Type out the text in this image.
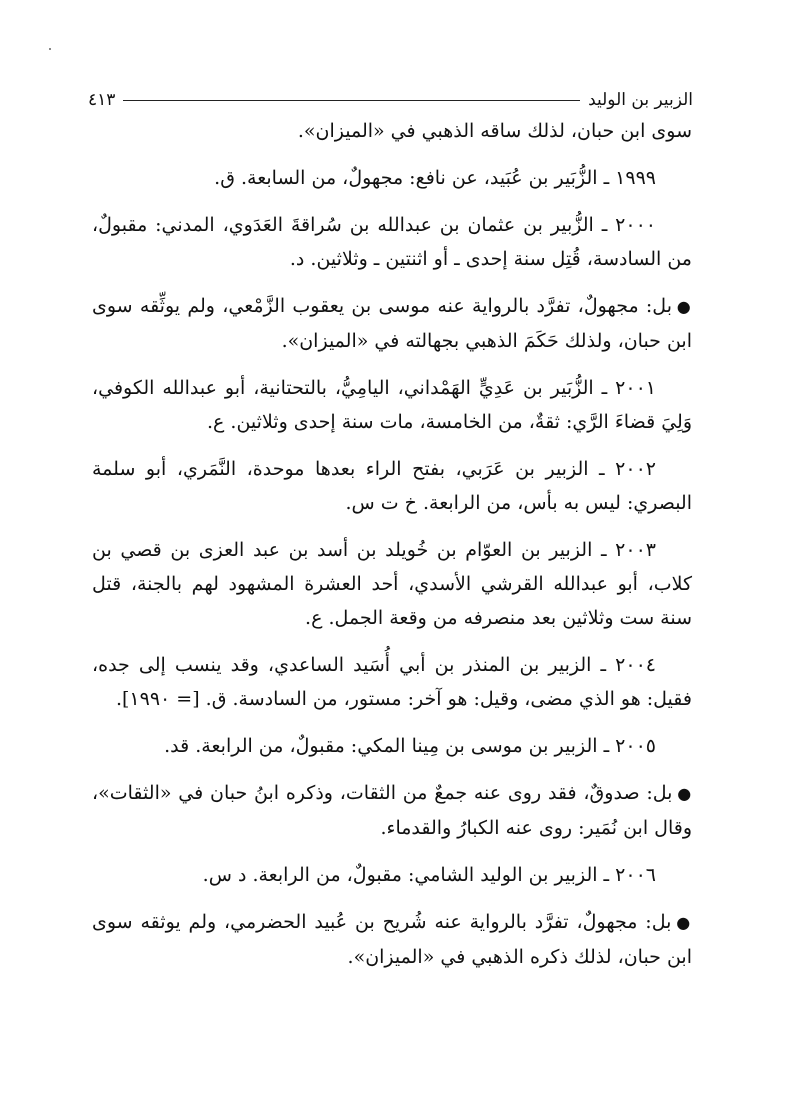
الزبير بن الوليد
٤١٣

سوى ابن حبان، لذلك ساقه الذهبي في «الميزان».

١٩٩٩ ـ الزُّبَير بن عُبَيد، عن نافع: مجهولٌ، من السابعة. ق.

٢٠٠٠ ـ الزُّبير بن عثمان بن عبدالله بن سُراقةَ العَدَوي، المدني: مقبولٌ، من السادسة، قُتِل سنة إحدى ـ أو اثنتين ـ وثلاثين. د.

●بل: مجهولٌ، تفرَّد بالرواية عنه موسى بن يعقوب الزَّمْعي، ولم يوثِّقه سوى ابن حبان، ولذلك حَكَمَ الذهبي بجهالته في «الميزان».

٢٠٠١ ـ الزُّبَير بن عَدِيٍّ الهَمْداني، اليامِيُّ، بالتحتانية، أبو عبدالله الكوفي، وَلِيَ قضاءَ الرَّي: ثقةٌ، من الخامسة، مات سنة إحدى وثلاثين. ع.

٢٠٠٢ ـ الزبير بن عَرَبي، بفتح الراء بعدها موحدة، النَّمَري، أبو سلمة البصري: ليس به بأس، من الرابعة. خ ت س.

٢٠٠٣ ـ الزبير بن العوّام بن خُويلد بن أسد بن عبد العزى بن قصي بن كلاب، أبو عبدالله القرشي الأسدي، أحد العشرة المشهود لهم بالجنة، قتل سنة ست وثلاثين بعد منصرفه من وقعة الجمل. ع.

٢٠٠٤ ـ الزبير بن المنذر بن أبي أُسَيد الساعدي، وقد ينسب إلى جده، فقيل: هو الذي مضى، وقيل: هو آخر: مستور، من السادسة. ق. [= ١٩٩٠].

٢٠٠٥ ـ الزبير بن موسى بن مِينا المكي: مقبولٌ، من الرابعة. قد.

●بل: صدوقٌ، فقد روى عنه جمعٌ من الثقات، وذكره ابنُ حبان في «الثقات»، وقال ابن نُمَير: روى عنه الكبارُ والقدماء.

٢٠٠٦ ـ الزبير بن الوليد الشامي: مقبولٌ، من الرابعة. د س.

●بل: مجهولٌ، تفرَّد بالرواية عنه شُريح بن عُبيد الحضرمي، ولم يوثقه سوى ابن حبان، لذلك ذكره الذهبي في «الميزان».
